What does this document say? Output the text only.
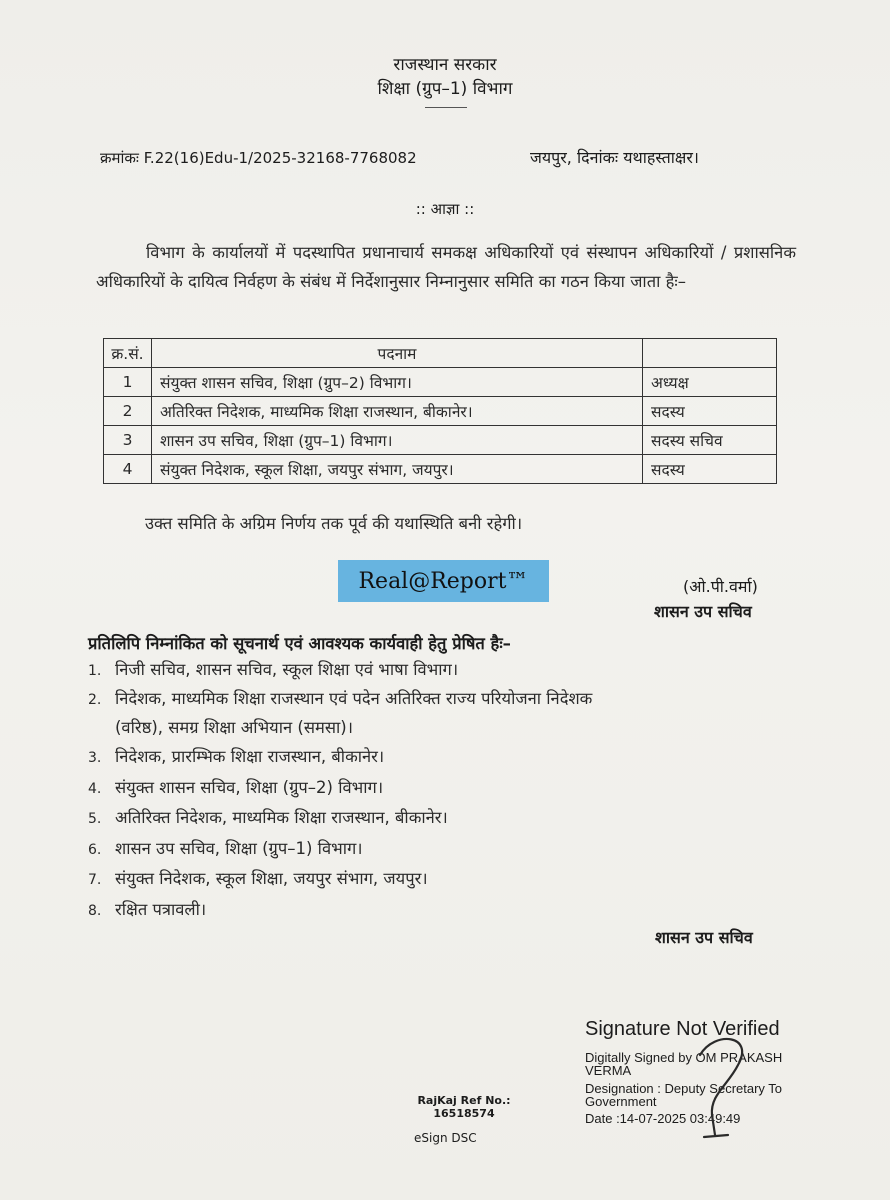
राजस्थान सरकार
शिक्षा (ग्रुप–1) विभाग
क्रमांकः F.22(16)Edu-1/2025-32168-7768082	जयपुर, दिनांकः यथाहस्ताक्षर।
:: आज्ञा ::
विभाग के कार्यालयों में पदस्थापित प्रधानाचार्य समकक्ष अधिकारियों एवं संस्थापन अधिकारियों / प्रशासनिक अधिकारियों के दायित्व निर्वहण के संबंध में निर्देशानुसार निम्नानुसार समिति का गठन किया जाता हैः–
क्र.सं.	पदनाम	
1	संयुक्त शासन सचिव, शिक्षा (ग्रुप–2) विभाग।	अध्यक्ष
2	अतिरिक्त निदेशक, माध्यमिक शिक्षा राजस्थान, बीकानेर।	सदस्य
3	शासन उप सचिव, शिक्षा (ग्रुप–1) विभाग।	सदस्य सचिव
4	संयुक्त निदेशक, स्कूल शिक्षा, जयपुर संभाग, जयपुर।	सदस्य
उक्त समिति के अग्रिम निर्णय तक पूर्व की यथास्थिति बनी रहेगी।
Real@Report™	(ओ.पी.वर्मा)
शासन उप सचिव
प्रतिलिपि निम्नांकित को सूचनार्थ एवं आवश्यक कार्यवाही हेतु प्रेषित हैः–
1. निजी सचिव, शासन सचिव, स्कूल शिक्षा एवं भाषा विभाग।
2. निदेशक, माध्यमिक शिक्षा राजस्थान एवं पदेन अतिरिक्त राज्य परियोजना निदेशक
(वरिष्ठ), समग्र शिक्षा अभियान (समसा)।
3. निदेशक, प्रारम्भिक शिक्षा राजस्थान, बीकानेर।
4. संयुक्त शासन सचिव, शिक्षा (ग्रुप–2) विभाग।
5. अतिरिक्त निदेशक, माध्यमिक शिक्षा राजस्थान, बीकानेर।
6. शासन उप सचिव, शिक्षा (ग्रुप–1) विभाग।
7. संयुक्त निदेशक, स्कूल शिक्षा, जयपुर संभाग, जयपुर।
8. रक्षित पत्रावली।
शासन उप सचिव
RajKaj Ref No.:
16518574
eSign DSC
Signature Not Verified
Digitally Signed by OM PRAKASH
VERMA
Designation : Deputy Secretary To
Government
Date :14-07-2025 03:49:49
